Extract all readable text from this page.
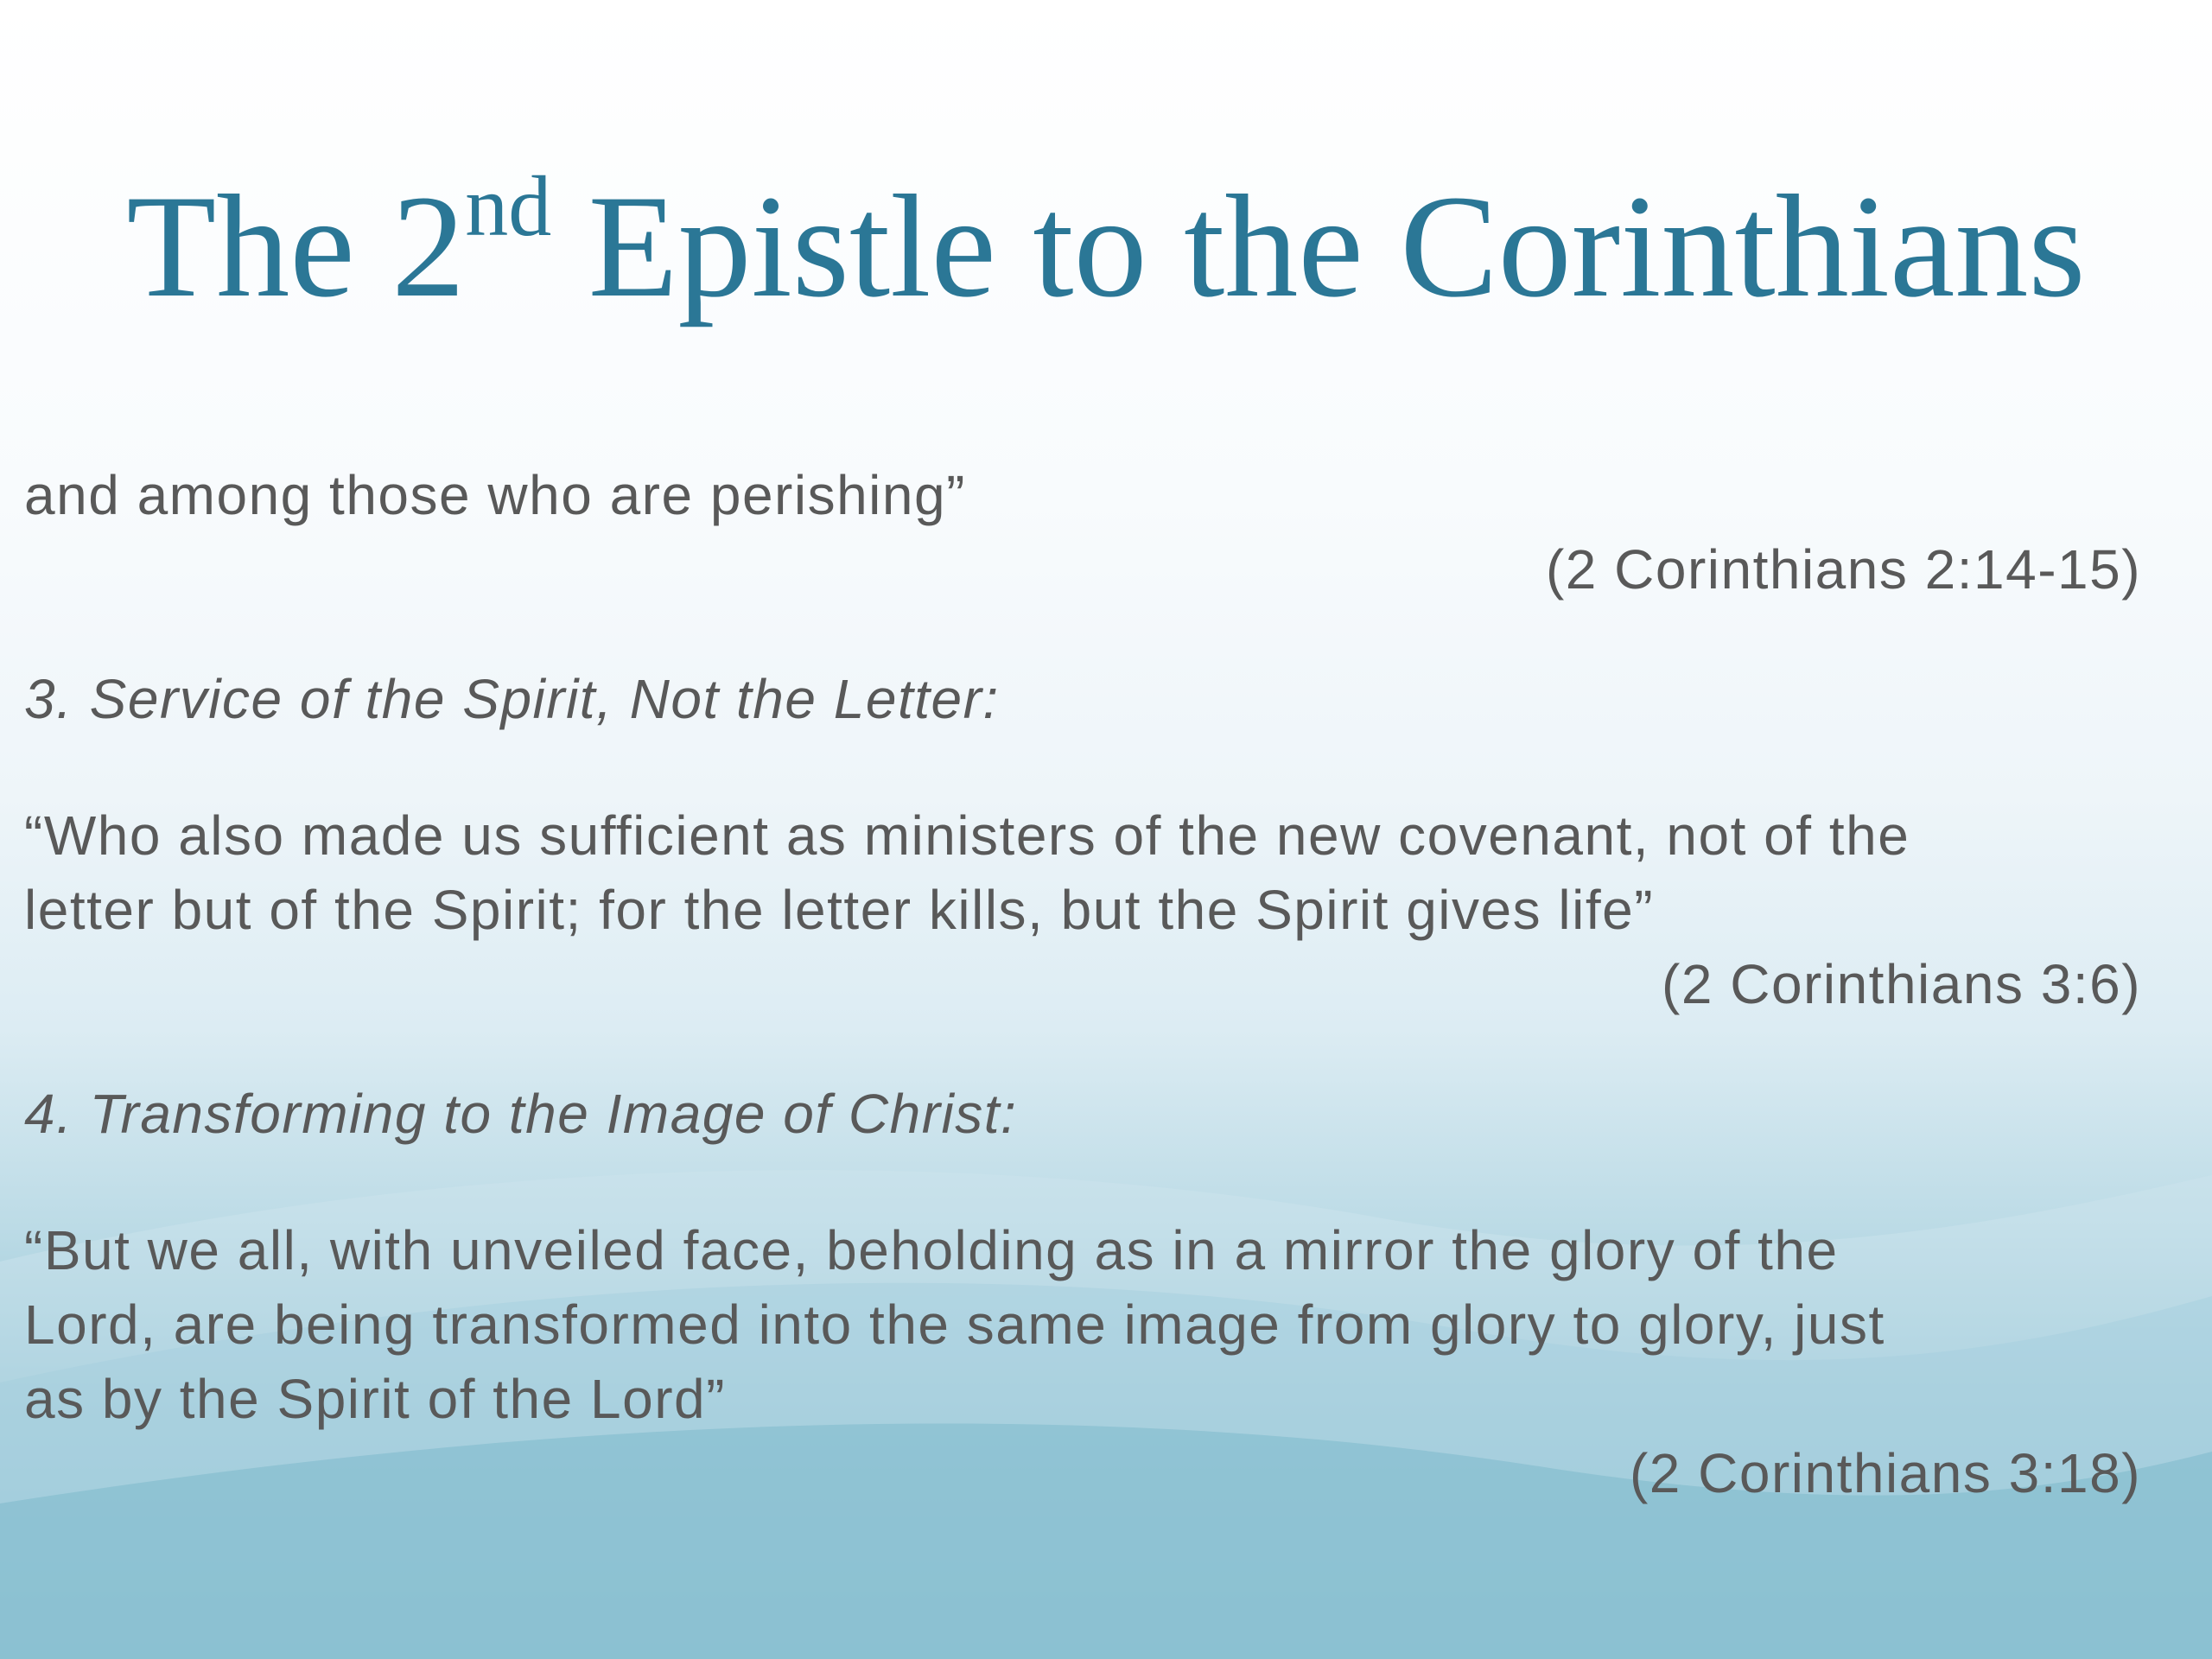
The 2nd Epistle to the Corinthians
and among those who are perishing”
(2 Corinthians 2:14-15)
3. Service of the Spirit, Not the Letter:
“Who also made us sufficient as ministers of the new covenant, not of the
letter but of the Spirit; for the letter kills, but the Spirit gives life”
(2 Corinthians 3:6)
4. Transforming to the Image of Christ:
“But we all, with unveiled face, beholding as in a mirror the glory of the
Lord, are being transformed into the same image from glory to glory, just
as by the Spirit of the Lord”
(2 Corinthians 3:18)
